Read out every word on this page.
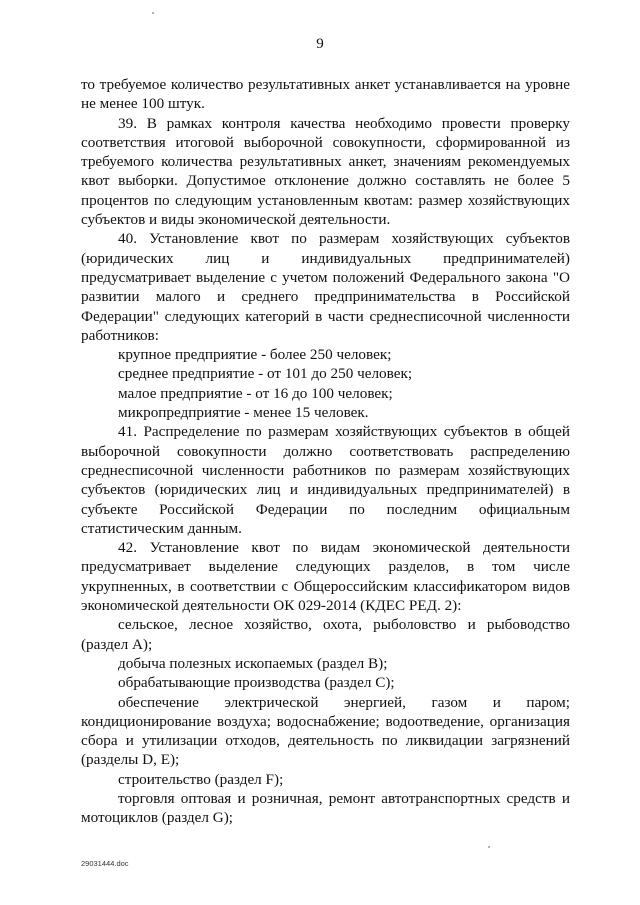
9

то требуемое количество результативных анкет устанавливается на уровне не менее 100 штук.

39. В рамках контроля качества необходимо провести проверку соответствия итоговой выборочной совокупности, сформированной из требуемого количества результативных анкет, значениям рекомендуемых квот выборки. Допустимое отклонение должно составлять не более 5 процентов по следующим установленным квотам: размер хозяйствующих субъектов и виды экономической деятельности.

40. Установление квот по размерам хозяйствующих субъектов (юридических лиц и индивидуальных предпринимателей) предусматривает выделение с учетом положений Федерального закона "О развитии малого и среднего предпринимательства в Российской Федерации" следующих категорий в части среднесписочной численности работников:

крупное предприятие - более 250 человек;

среднее предприятие - от 101 до 250 человек;

малое предприятие - от 16 до 100 человек;

микропредприятие - менее 15 человек.

41. Распределение по размерам хозяйствующих субъектов в общей выборочной совокупности должно соответствовать распределению среднесписочной численности работников по размерам хозяйствующих субъектов (юридических лиц и индивидуальных предпринимателей) в субъекте Российской Федерации по последним официальным статистическим данным.

42. Установление квот по видам экономической деятельности предусматривает выделение следующих разделов, в том числе укрупненных, в соответствии с Общероссийским классификатором видов экономической деятельности ОК 029-2014 (КДЕС РЕД. 2):

сельское, лесное хозяйство, охота, рыболовство и рыбоводство (раздел A);

добыча полезных ископаемых (раздел B);

обрабатывающие производства (раздел C);

обеспечение электрической энергией, газом и паром; кондиционирование воздуха; водоснабжение; водоотведение, организация сбора и утилизации отходов, деятельность по ликвидации загрязнений (разделы D, E);

строительство (раздел F);

торговля оптовая и розничная, ремонт автотранспортных средств и мотоциклов (раздел G);

29031444.doc
